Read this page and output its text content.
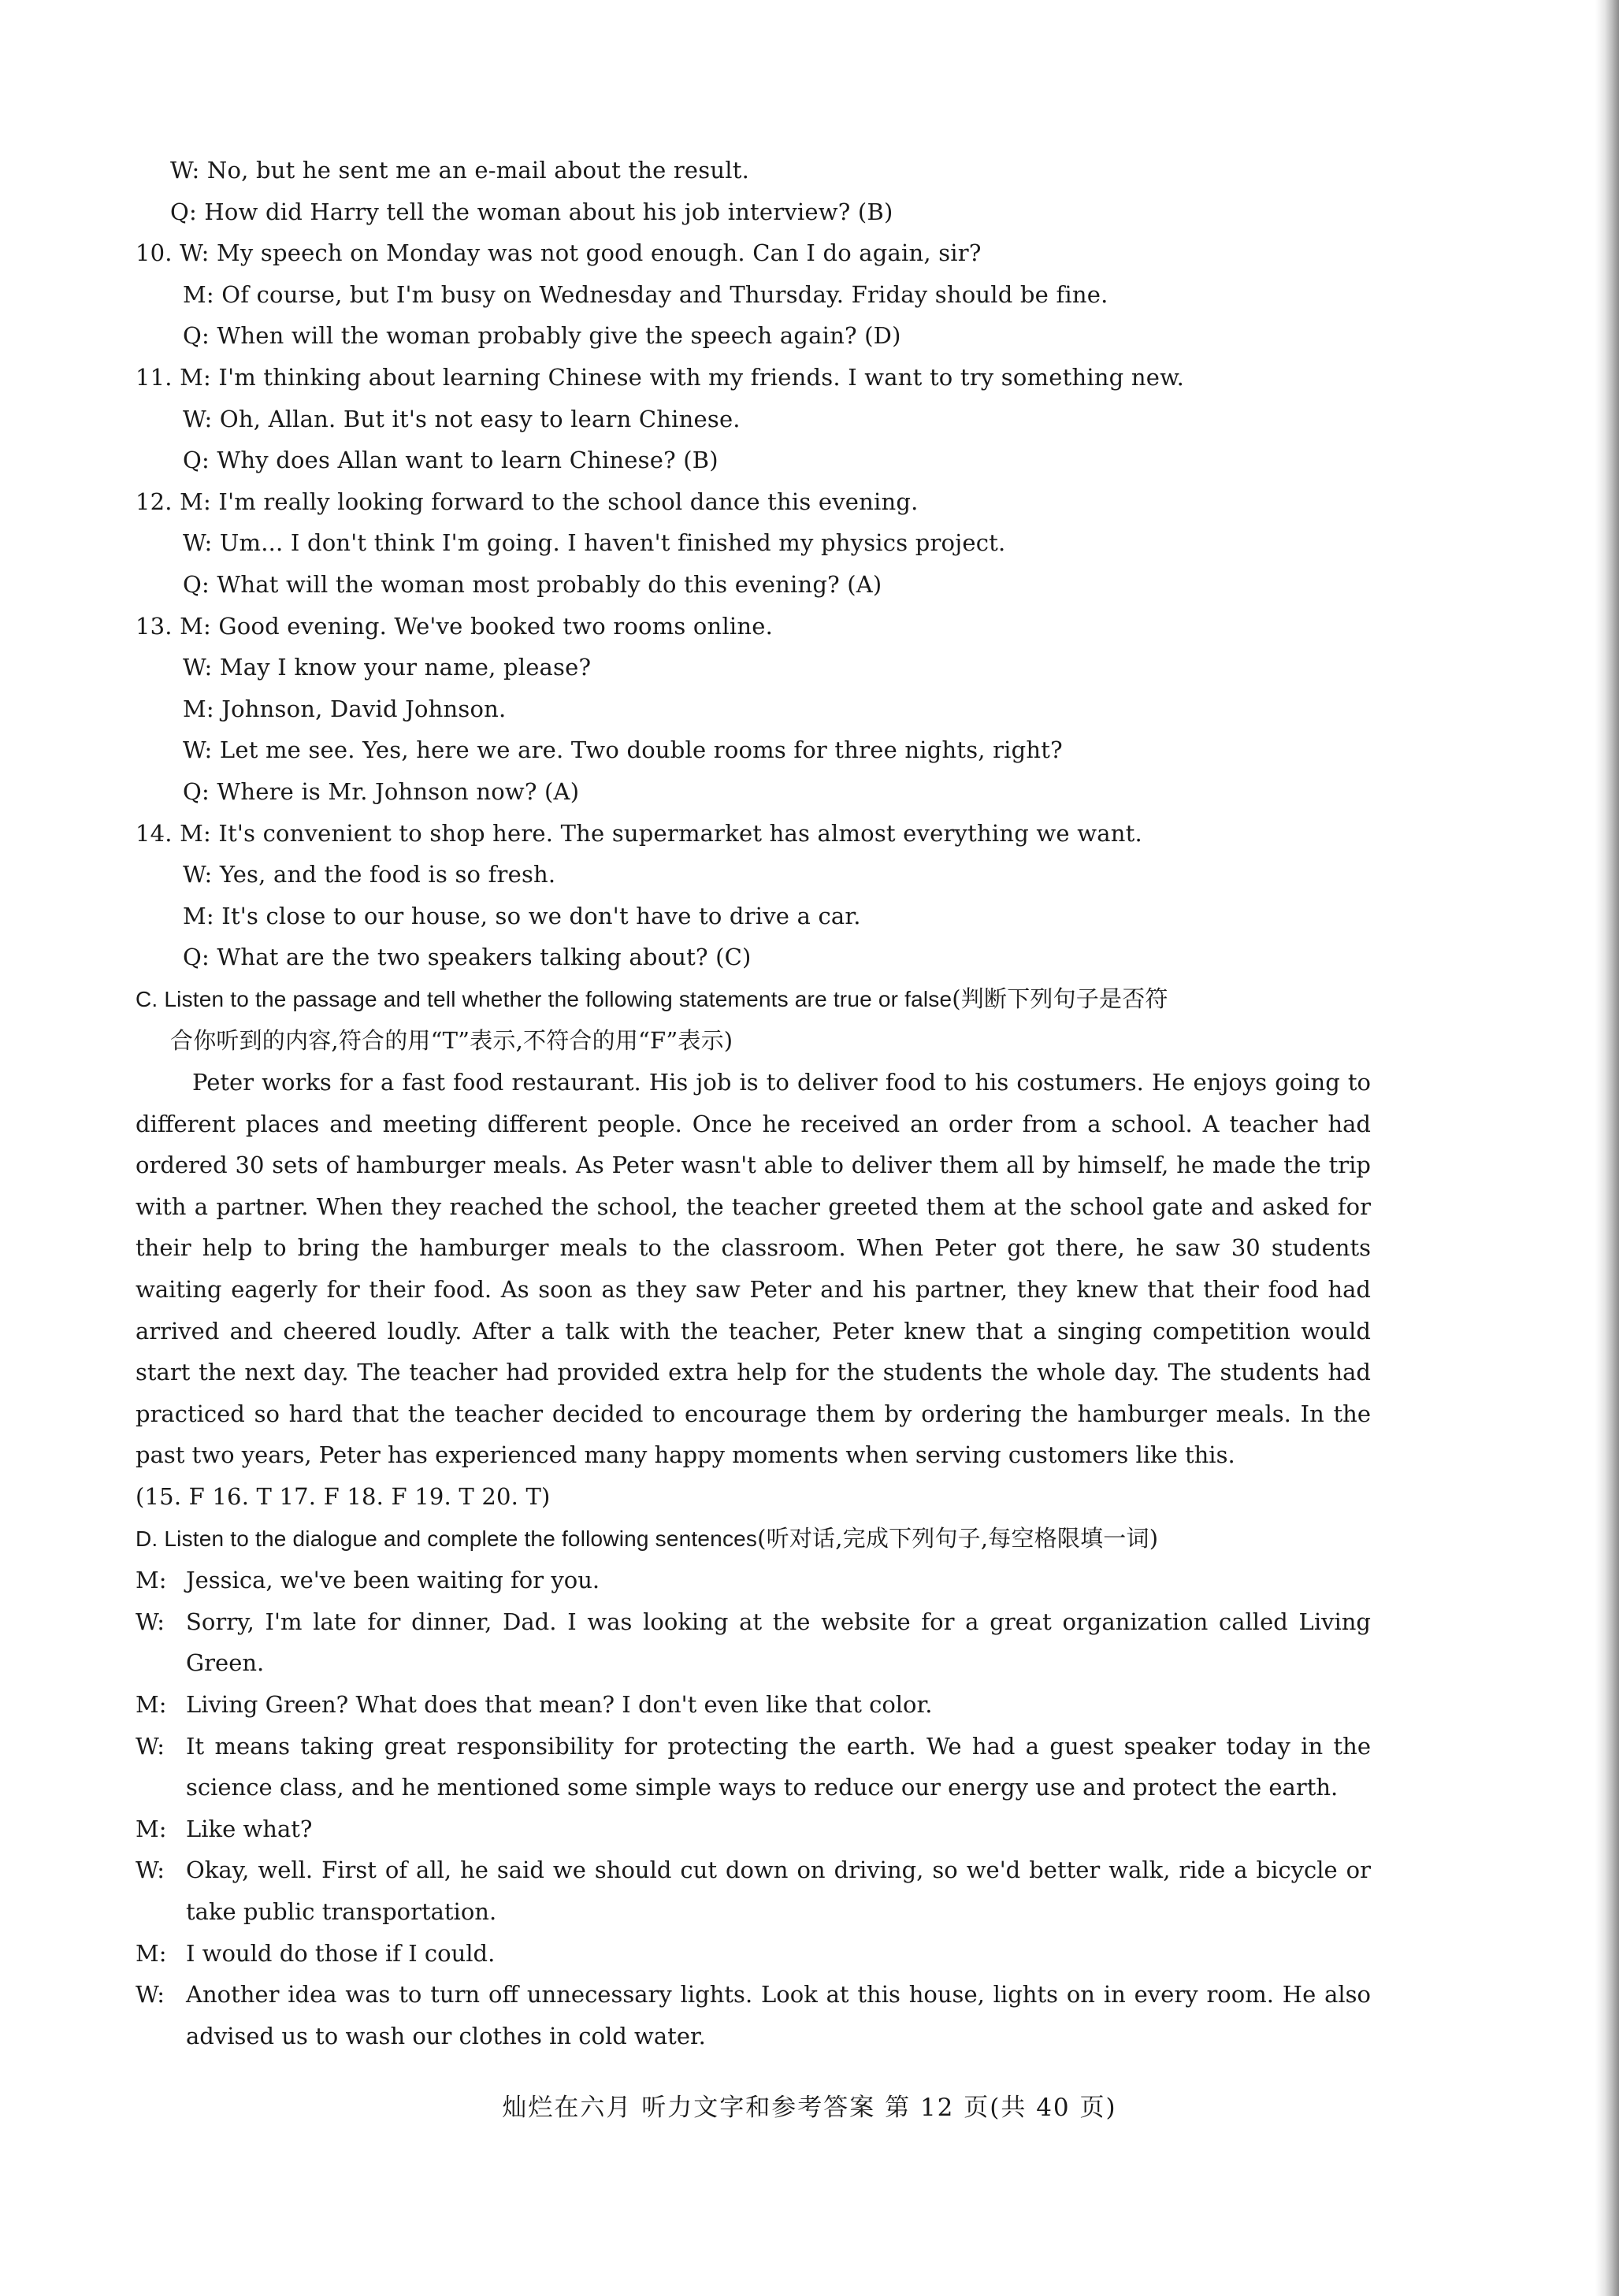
W: No, but he sent me an e-mail about the result.
Q: How did Harry tell the woman about his job interview? (B)
10. W: My speech on Monday was not good enough. Can I do again, sir?
M: Of course, but I'm busy on Wednesday and Thursday. Friday should be fine.
Q: When will the woman probably give the speech again? (D)
11. M: I'm thinking about learning Chinese with my friends. I want to try something new.
W: Oh, Allan. But it's not easy to learn Chinese.
Q: Why does Allan want to learn Chinese? (B)
12. M: I'm really looking forward to the school dance this evening.
W: Um... I don't think I'm going. I haven't finished my physics project.
Q: What will the woman most probably do this evening? (A)
13. M: Good evening. We've booked two rooms online.
W: May I know your name, please?
M: Johnson, David Johnson.
W: Let me see. Yes, here we are. Two double rooms for three nights, right?
Q: Where is Mr. Johnson now? (A)
14. M: It's convenient to shop here. The supermarket has almost everything we want.
W: Yes, and the food is so fresh.
M: It's close to our house, so we don't have to drive a car.
Q: What are the two speakers talking about? (C)
C. Listen to the passage and tell whether the following statements are true or false(判断下列句子是否符
合你听到的内容,符合的用“T”表示,不符合的用“F”表示)

Peter works for a fast food restaurant. His job is to deliver food to his costumers. He enjoys going to different places and meeting different people. Once he received an order from a school. A teacher had ordered 30 sets of hamburger meals. As Peter wasn't able to deliver them all by himself, he made the trip with a partner. When they reached the school, the teacher greeted them at the school gate and asked for their help to bring the hamburger meals to the classroom. When Peter got there, he saw 30 students waiting eagerly for their food. As soon as they saw Peter and his partner, they knew that their food had arrived and cheered loudly. After a talk with the teacher, Peter knew that a singing competition would start the next day. The teacher had provided extra help for the students the whole day. The students had practiced so hard that the teacher decided to encourage them by ordering the hamburger meals. In the past two years, Peter has experienced many happy moments when serving customers like this.

(15. F 16. T 17. F 18. F 19. T 20. T)
D. Listen to the dialogue and complete the following sentences(听对话,完成下列句子,每空格限填一词)
M: Jessica, we've been waiting for you.
W: Sorry, I'm late for dinner, Dad. I was looking at the website for a great organization called Living Green.
M: Living Green? What does that mean? I don't even like that color.
W: It means taking great responsibility for protecting the earth. We had a guest speaker today in the science class, and he mentioned some simple ways to reduce our energy use and protect the earth.
M: Like what?
W: Okay, well. First of all, he said we should cut down on driving, so we'd better walk, ride a bicycle or take public transportation.
M: I would do those if I could.
W: Another idea was to turn off unnecessary lights. Look at this house, lights on in every room. He also advised us to wash our clothes in cold water.
灿烂在六月 听力文字和参考答案 第 12 页(共 40 页)
